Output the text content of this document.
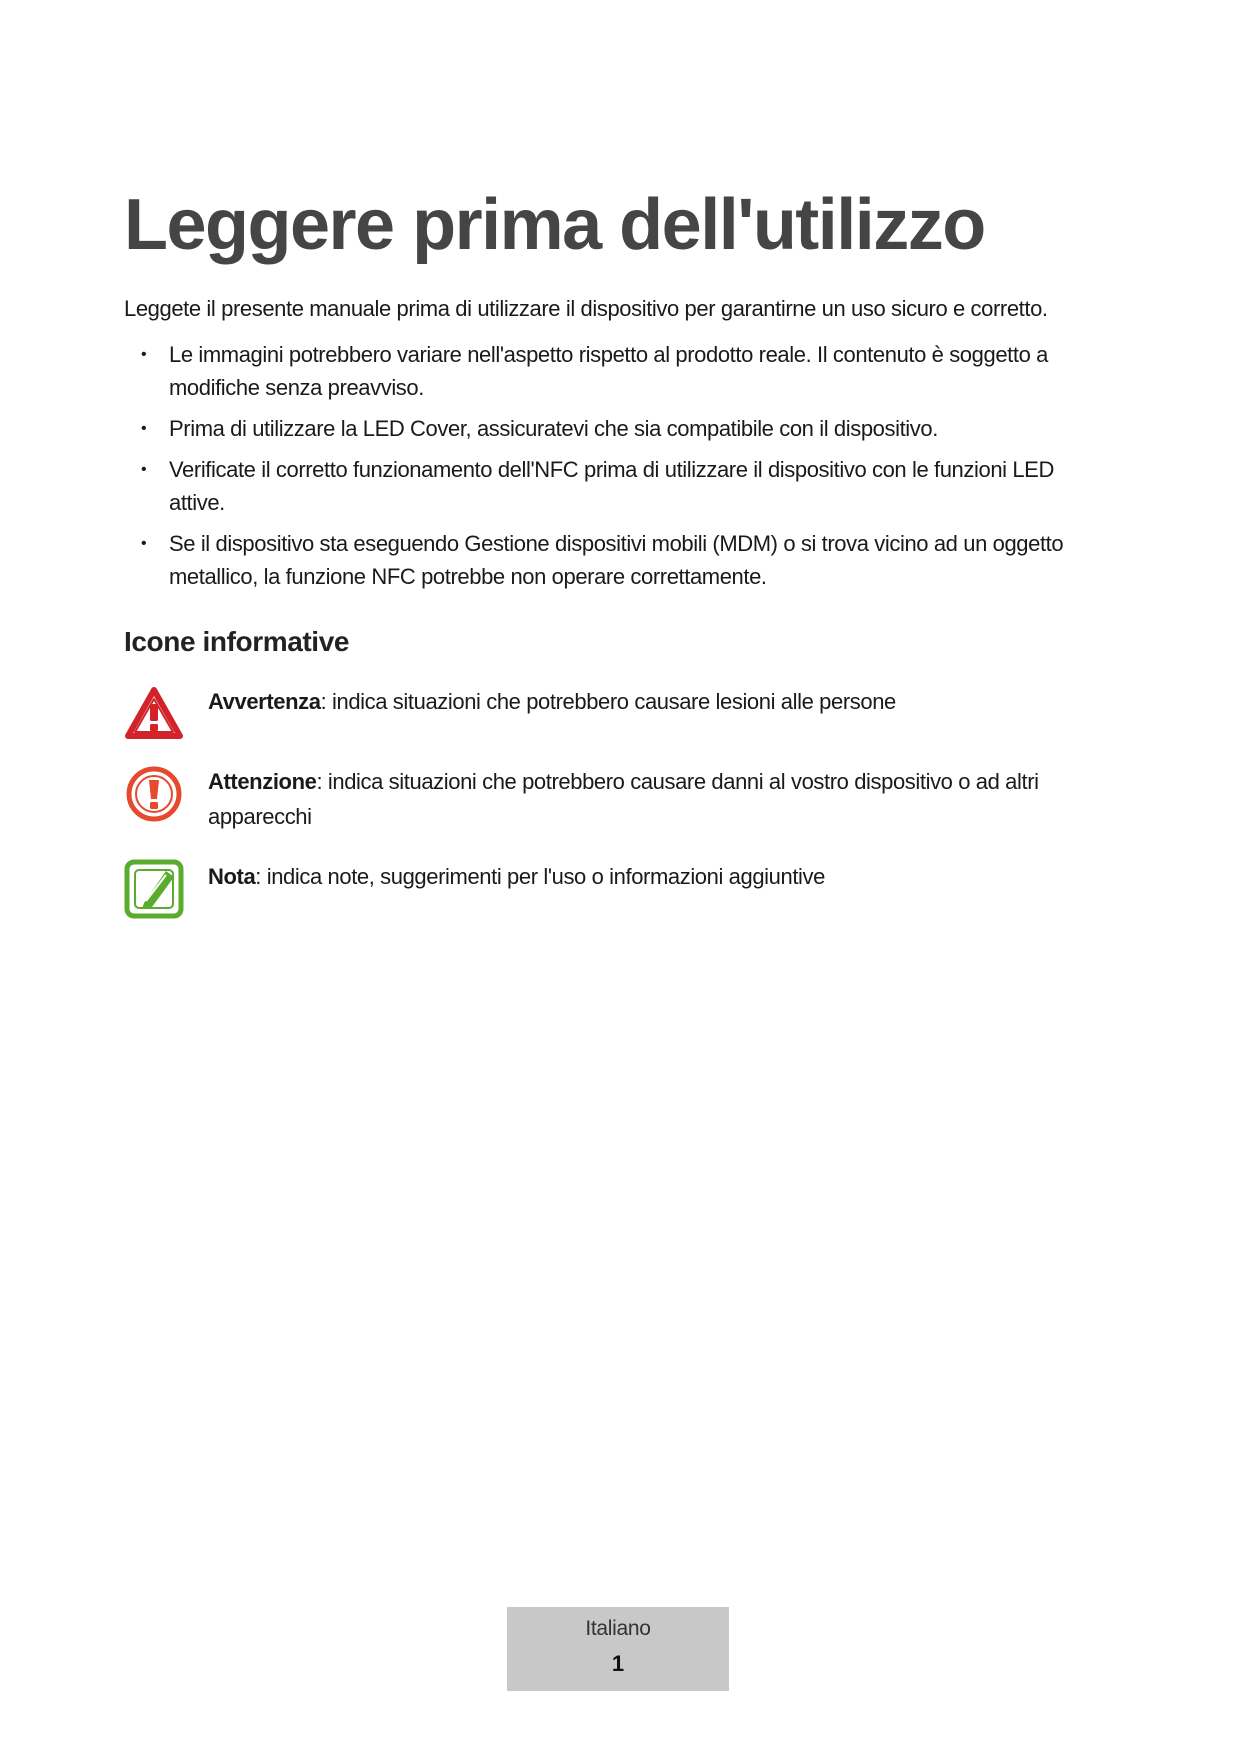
Leggere prima dell'utilizzo

Leggete il presente manuale prima di utilizzare il dispositivo per garantirne un uso sicuro e corretto.

• Le immagini potrebbero variare nell'aspetto rispetto al prodotto reale. Il contenuto è soggetto a modifiche senza preavviso.
• Prima di utilizzare la LED Cover, assicuratevi che sia compatibile con il dispositivo.
• Verificate il corretto funzionamento dell'NFC prima di utilizzare il dispositivo con le funzioni LED attive.
• Se il dispositivo sta eseguendo Gestione dispositivi mobili (MDM) o si trova vicino ad un oggetto metallico, la funzione NFC potrebbe non operare correttamente.
Icone informative

Avvertenza: indica situazioni che potrebbero causare lesioni alle persone

Attenzione: indica situazioni che potrebbero causare danni al vostro dispositivo o ad altri apparecchi

Nota: indica note, suggerimenti per l'uso o informazioni aggiuntive

Italiano
1
